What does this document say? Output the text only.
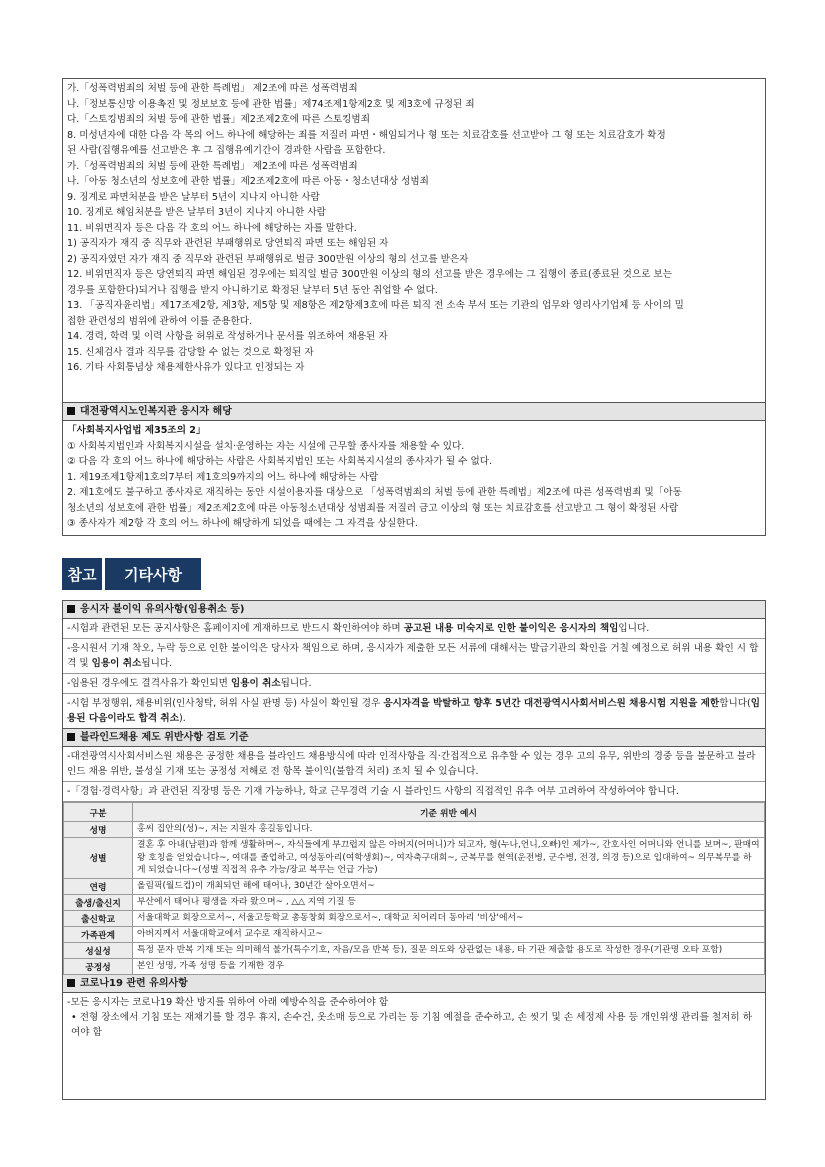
가.「성폭력범죄의 처벌 등에 관한 특례법」 제2조에 따른 성폭력범죄
나.「정보통신망 이용촉진 및 정보보호 등에 관한 법률」제74조제1항제2호 및 제3호에 규정된 죄
다.「스토킹범죄의 처벌 등에 관한 법률」제2조제2호에 따른 스토킹범죄
8. 미성년자에 대한 다음 각 목의 어느 하나에 해당하는 죄를 저질러 파면・해임되거나 형 또는 치료감호를 선고받아 그 형 또는 치료감호가 확정
된 사람(집행유예를 선고받은 후 그 집행유예기간이 경과한 사람을 포함한다.
가.「성폭력범죄의 처벌 등에 관한 특례법」 제2조에 따른 성폭력범죄
나.「아동 청소년의 성보호에 관한 법률」제2조제2호에 따른 아동・청소년대상 성범죄
9. 징계로 파면처분을 받은 날부터 5년이 지나지 아니한 사람
10. 징계로 해임처분을 받은 날부터 3년이 지나지 아니한 사람
11. 비위면직자 등은 다음 각 호의 어느 하나에 해당하는 자를 말한다.
1) 공직자가 재직 중 직무와 관련된 부패행위로 당연퇴직 파면 또는 해임된 자
2) 공직자였던 자가 재직 중 직무와 관련된 부패행위로 벌금 300만원 이상의 형의 선고를 받은자
12. 비위면직자 등은 당연퇴직 파면 해임된 경우에는 퇴직일 벌금 300만원 이상의 형의 선고를 받은 경우에는 그 집행이 종료(종료된 것으로 보는
경우를 포함한다)되거나 집행을 받지 아니하기로 확정된 날부터 5년 동안 취업할 수 없다.
13. 「공직자윤리법」제17조제2항, 제3항, 제5항 및 제8항은 제2항제3호에 따른 퇴직 전 소속 부서 또는 기관의 업무와 영리사기업체 등 사이의 밀
접한 관련성의 범위에 관하여 이를 준용한다.
14. 경력, 학력 및 이력 사항을 허위로 작성하거나 문서를 위조하여 채용된 자
15. 신체검사 결과 직무를 감당할 수 없는 것으로 확정된 자
16. 기타 사회통념상 채용제한사유가 있다고 인정되는 자
대전광역시노인복지관 응시자 해당
「사회복지사업법 제35조의 2」
① 사회복지법인과 사회복지시설을 설치·운영하는 자는 시설에 근무할 종사자를 채용할 수 있다.
② 다음 각 호의 어느 하나에 해당하는 사람은 사회복지법인 또는 사회복지시설의 종사자가 될 수 없다.
1. 제19조제1항제1호의7부터 제1호의9까지의 어느 하나에 해당하는 사람
2. 제1호에도 불구하고 종사자로 재직하는 동안 시설이용자를 대상으로 「성폭력범죄의 처벌 등에 관한 특례법」제2조에 따른 성폭력범죄 및「아동
청소년의 성보호에 관한 법률」제2조제2호에 따른 아동청소년대상 성범죄를 저질러 금고 이상의 형 또는 치료감호를 선고받고 그 형이 확정된 사람
③ 종사자가 제2항 각 호의 어느 하나에 해당하게 되었을 때에는 그 자격을 상실한다.
참고	기타사항
응시자 불이익 유의사항(임용취소 등)
-시험과 관련된 모든 공지사항은 홈페이지에 게재하므로 반드시 확인하여야 하며 공고된 내용 미숙지로 인한 불이익은 응시자의 책임입니다.
-응시원서 기재 착오, 누락 등으로 인한 불이익은 당사자 책임으로 하며, 응시자가 제출한 모든 서류에 대해서는 발급기관의 확인을 거칠 예정으로 허위 내용 확인 시 합격 및 임용이 취소됩니다.
-임용된 경우에도 결격사유가 확인되면 임용이 취소됩니다.
-시험 부정행위, 채용비위(인사청탁, 허위 사실 판명 등) 사실이 확인될 경우 응시자격을 박탈하고 향후 5년간 대전광역시사회서비스원 채용시험 지원을 제한합니다(임용된 다음이라도 합격 취소).
블라인드채용 제도 위반사항 검토 기준
-대전광역시사회서비스원 채용은 공정한 채용을 블라인드 채용방식에 따라 인적사항을 직·간접적으로 유추할 수 있는 경우 고의 유무, 위반의 경중 등을 불문하고 블라인드 채용 위반, 불성실 기재 또는 공정성 저해로 전 항목 불이익(불합격 처리) 조치 될 수 있습니다.
-「경험·경력사항」과 관련된 직장명 등은 기재 가능하나, 학교 근무경력 기술 시 블라인드 사항의 직접적인 유추 여부 고려하여 작성하여야 합니다.
구분	기준 위반 예시
성명	홍씨 집안의(성)~, 저는 지원자 홍길동입니다.
성별	결혼 후 아내(남편)과 함께 생활하며~, 자식들에게 부끄럽지 않은 아버지(어머니)가 되고자, 형(누나,언니,오빠)인 제가~, 간호사인 어머니와 언니를 보며~, 판매여왕 호칭을 얻었습니다~, 여대를 졸업하고, 여성동아리(여학생회)~, 여자축구대회~, 군복무를 현역(운전병, 군수병, 전경, 의경 등)으로 입대하여~ 의무복무를 하게 되었습니다~(성별 직접적 유추 가능/장교 복무는 언급 가능)
연령	올림픽(월드컵)이 개최되던 해에 태어나, 30년간 살아오면서~
출생/출신지	부산에서 태어나 평생을 자라 왔으며~ , △△ 지역 기질 등
출신학교	서울대학교 회장으로서~, 서울고등학교 총동창회 회장으로서~, 대학교 치어리더 동아리 '비상'에서~
가족관계	아버지께서 서울대학교에서 교수로 재직하시고~
성실성	특정 문자 반복 기재 또는 의미해석 불가(특수기호, 자음/모음 반복 등), 질문 의도와 상관없는 내용, 타 기관 제출할 용도로 작성한 경우(기관명 오타 포함)
공정성	본인 성명, 가족 성명 등을 기재한 경우
코로나19 관련 유의사항
-모든 응시자는 코로나19 확산 방지를 위하여 아래 예방수칙을 준수하여야 함
• 전형 장소에서 기침 또는 재채기를 할 경우 휴지, 손수건, 옷소매 등으로 가리는 등 기침 예절을 준수하고, 손 씻기 및 손 세정제 사용 등 개인위생 관리를 철저히 하여야 함
